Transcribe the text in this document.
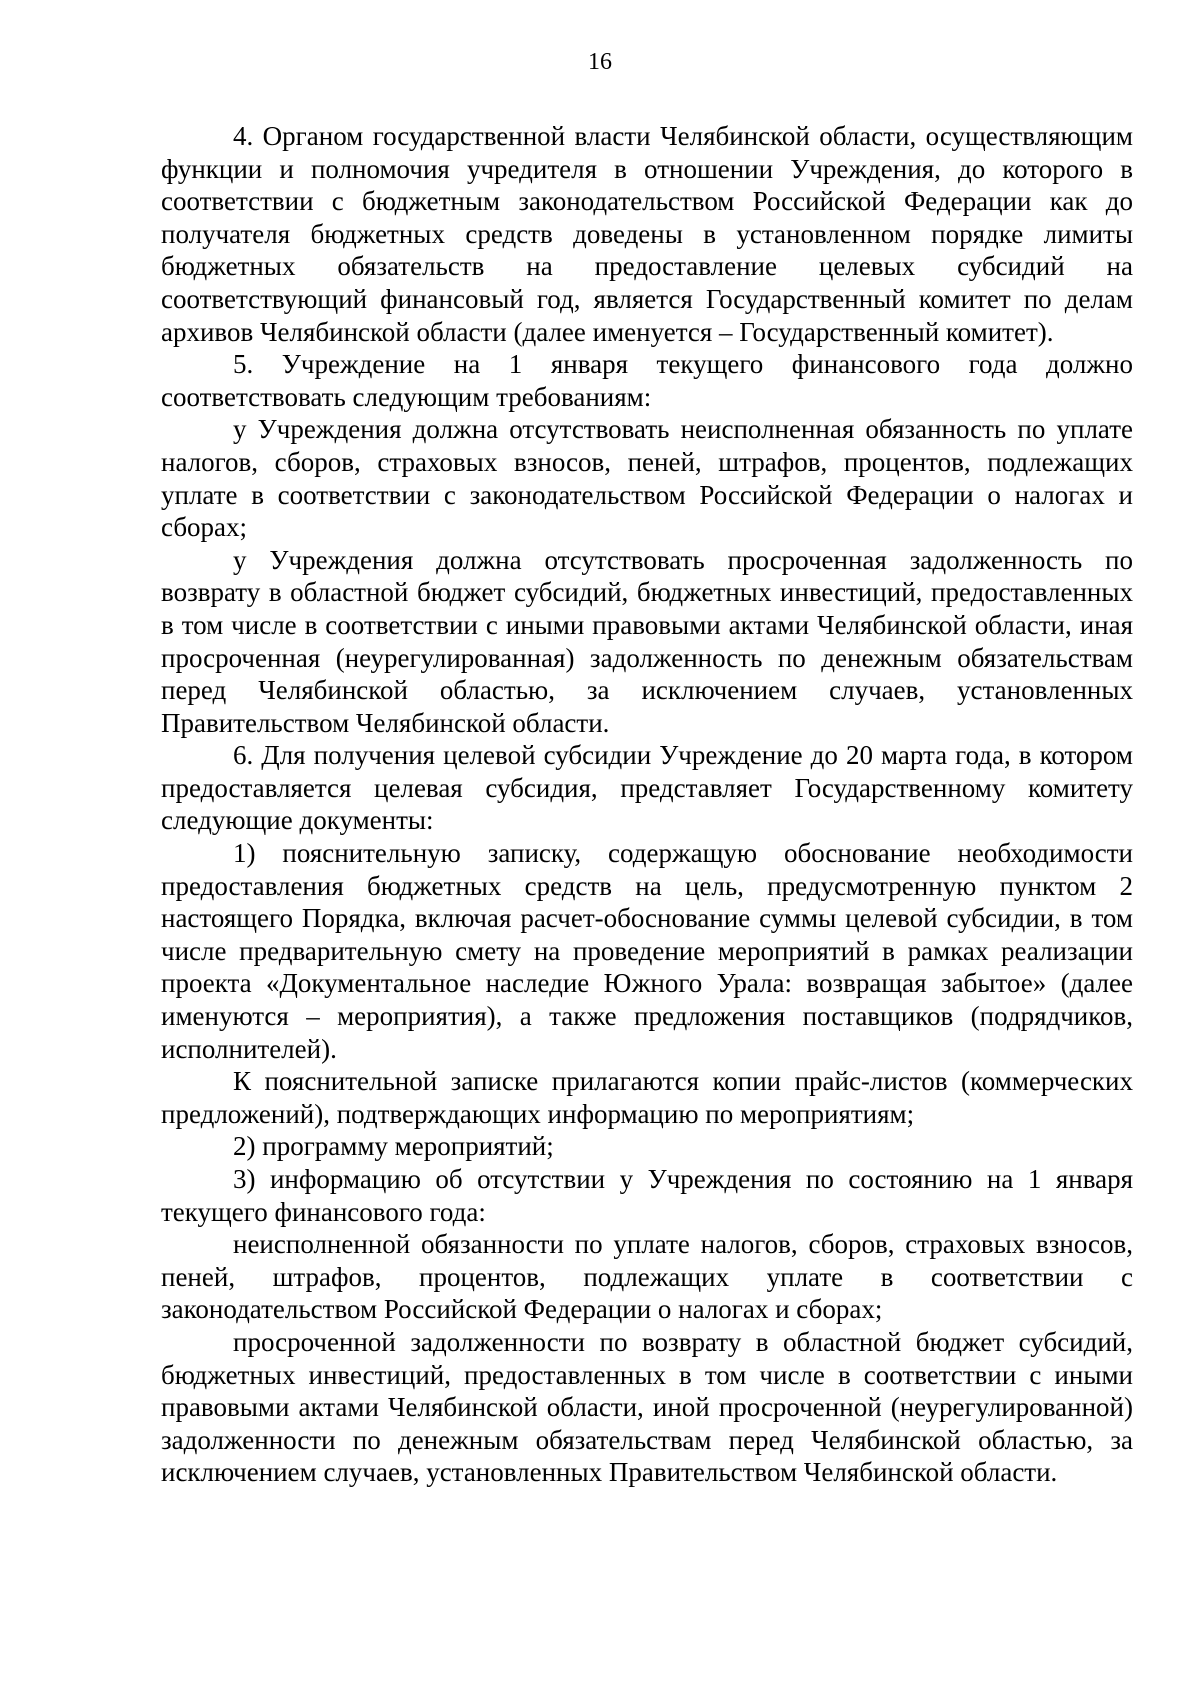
16

4. Органом государственной власти Челябинской области, осуществляющим функции и полномочия учредителя в отношении Учреждения, до которого в соответствии с бюджетным законодательством Российской Федерации как до получателя бюджетных средств доведены в установленном порядке лимиты бюджетных обязательств на предоставление целевых субсидий на соответствующий финансовый год, является Государственный комитет по делам архивов Челябинской области (далее именуется – Государственный комитет).

5. Учреждение на 1 января текущего финансового года должно соответствовать следующим требованиям:

у Учреждения должна отсутствовать неисполненная обязанность по уплате налогов, сборов, страховых взносов, пеней, штрафов, процентов, подлежащих уплате в соответствии с законодательством Российской Федерации о налогах и сборах;

у Учреждения должна отсутствовать просроченная задолженность по возврату в областной бюджет субсидий, бюджетных инвестиций, предоставленных в том числе в соответствии с иными правовыми актами Челябинской области, иная просроченная (неурегулированная) задолженность по денежным обязательствам перед Челябинской областью, за исключением случаев, установленных Правительством Челябинской области.

6. Для получения целевой субсидии Учреждение до 20 марта года, в котором предоставляется целевая субсидия, представляет Государственному комитету следующие документы:

1) пояснительную записку, содержащую обоснование необходимости предоставления бюджетных средств на цель, предусмотренную пунктом 2 настоящего Порядка, включая расчет-обоснование суммы целевой субсидии, в том числе предварительную смету на проведение мероприятий в рамках реализации проекта «Документальное наследие Южного Урала: возвращая забытое» (далее именуются – мероприятия), а также предложения поставщиков (подрядчиков, исполнителей).

К пояснительной записке прилагаются копии прайс-листов (коммерческих предложений), подтверждающих информацию по мероприятиям;

2) программу мероприятий;

3) информацию об отсутствии у Учреждения по состоянию на 1 января текущего финансового года:

неисполненной обязанности по уплате налогов, сборов, страховых взносов, пеней, штрафов, процентов, подлежащих уплате в соответствии с законодательством Российской Федерации о налогах и сборах;

просроченной задолженности по возврату в областной бюджет субсидий, бюджетных инвестиций, предоставленных в том числе в соответствии с иными правовыми актами Челябинской области, иной просроченной (неурегулированной) задолженности по денежным обязательствам перед Челябинской областью, за исключением случаев, установленных Правительством Челябинской области.
